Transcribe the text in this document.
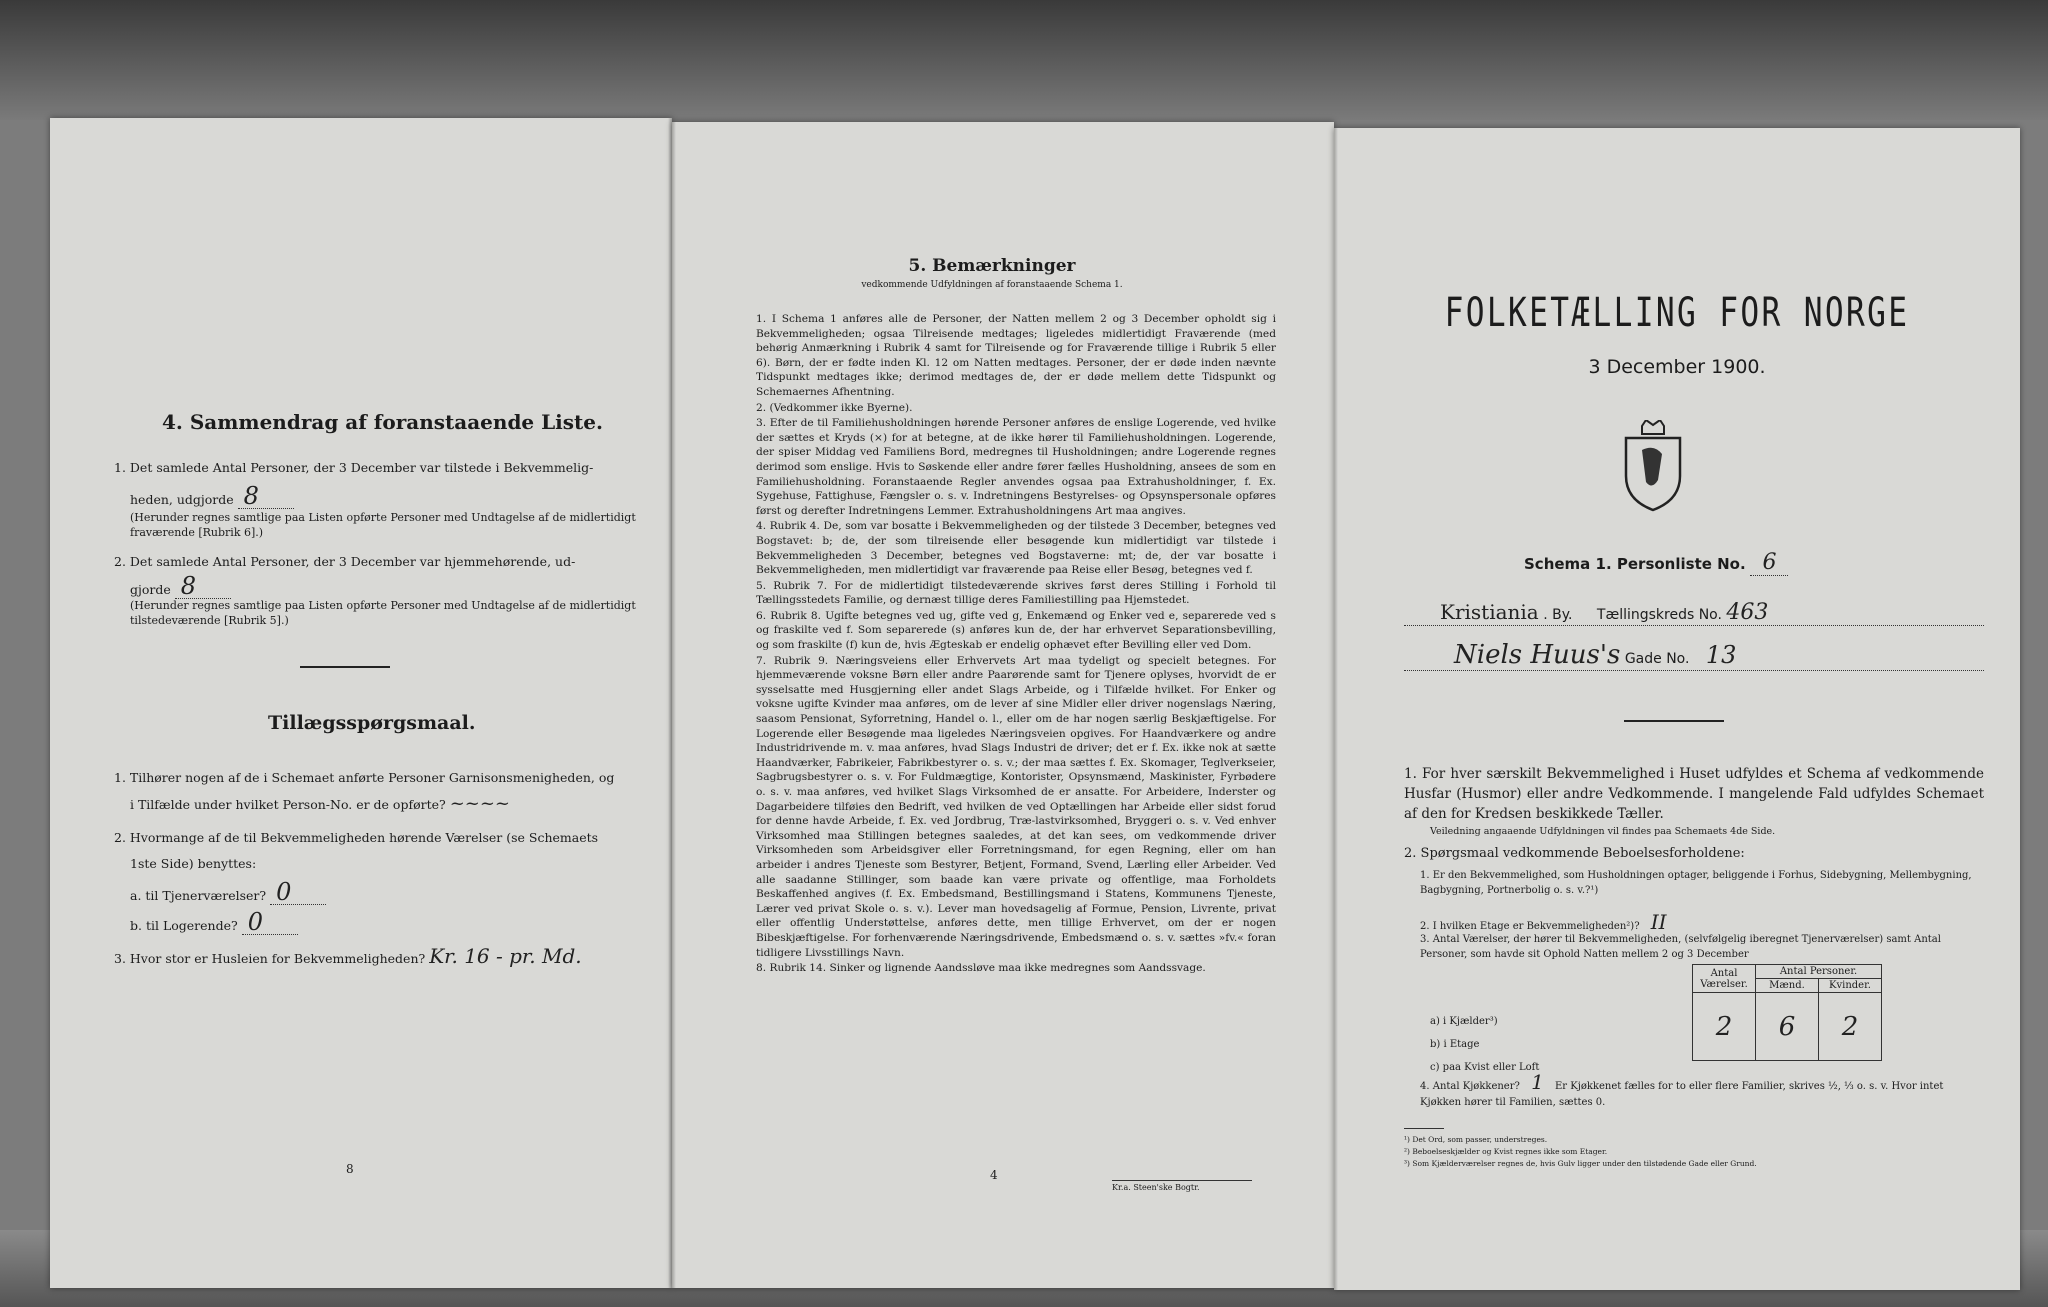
4. Sammendrag af foranstaaende Liste.
1. Det samlede Antal Personer, der 3 December var tilstede i Bekvemmelig-
heden, udgjorde 8
(Herunder regnes samtlige paa Listen opførte Personer med Undtagelse af de midlertidigt fraværende [Rubrik 6].)
2. Det samlede Antal Personer, der 3 December var hjemmehørende, ud-
gjorde 8
(Herunder regnes samtlige paa Listen opførte Personer med Undtagelse af de midlertidigt tilstedeværende [Rubrik 5].)
Tillægsspørgsmaal.
1. Tilhører nogen af de i Schemaet anførte Personer Garnisonsmenigheden, og
i Tilfælde under hvilket Person-No. er de opførte? ~~~~
2. Hvormange af de til Bekvemmeligheden hørende Værelser (se Schemaets
1ste Side) benyttes:
a. til Tjenerværelser? 0
b. til Logerende? 0
3. Hvor stor er Husleien for Bekvemmeligheden? Kr. 16 - pr. Md.
8
5. Bemærkninger
vedkommende Udfyldningen af foranstaaende Schema 1.

1. I Schema 1 anføres alle de Personer, der Natten mellem 2 og 3 December opholdt sig i Bekvemmeligheden; ogsaa Tilreisende medtages; ligeledes midlertidigt Fraværende (med behørig Anmærkning i Rubrik 4 samt for Tilreisende og for Fraværende tillige i Rubrik 5 eller 6). Børn, der er fødte inden Kl. 12 om Natten medtages. Personer, der er døde inden nævnte Tidspunkt medtages ikke; derimod medtages de, der er døde mellem dette Tidspunkt og Schemaernes Afhentning.

2. (Vedkommer ikke Byerne).

3. Efter de til Familiehusholdningen hørende Personer anføres de enslige Logerende, ved hvilke der sættes et Kryds (×) for at betegne, at de ikke hører til Familiehusholdningen. Logerende, der spiser Middag ved Familiens Bord, medregnes til Husholdningen; andre Logerende regnes derimod som enslige. Hvis to Søskende eller andre fører fælles Husholdning, ansees de som en Familiehusholdning. Foranstaaende Regler anvendes ogsaa paa Extrahusholdninger, f. Ex. Sygehuse, Fattighuse, Fængsler o. s. v. Indretningens Bestyrelses- og Opsynspersonale opføres først og derefter Indretningens Lemmer. Extrahusholdningens Art maa angives.

4. Rubrik 4. De, som var bosatte i Bekvemmeligheden og der tilstede 3 December, betegnes ved Bogstavet: b; de, der som tilreisende eller besøgende kun midlertidigt var tilstede i Bekvemmeligheden 3 December, betegnes ved Bogstaverne: mt; de, der var bosatte i Bekvemmeligheden, men midlertidigt var fraværende paa Reise eller Besøg, betegnes ved f.

5. Rubrik 7. For de midlertidigt tilstedeværende skrives først deres Stilling i Forhold til Tællingsstedets Familie, og dernæst tillige deres Familiestilling paa Hjemstedet.

6. Rubrik 8. Ugifte betegnes ved ug, gifte ved g, Enkemænd og Enker ved e, separerede ved s og fraskilte ved f. Som separerede (s) anføres kun de, der har erhvervet Separationsbevilling, og som fraskilte (f) kun de, hvis Ægteskab er endelig ophævet efter Bevilling eller ved Dom.

7. Rubrik 9. Næringsveiens eller Erhvervets Art maa tydeligt og specielt betegnes. For hjemmeværende voksne Børn eller andre Paarørende samt for Tjenere oplyses, hvorvidt de er sysselsatte med Husgjerning eller andet Slags Arbeide, og i Tilfælde hvilket. For Enker og voksne ugifte Kvinder maa anføres, om de lever af sine Midler eller driver nogenslags Næring, saasom Pensionat, Syforretning, Handel o. l., eller om de har nogen særlig Beskjæftigelse. For Logerende eller Besøgende maa ligeledes Næringsveien opgives. For Haandværkere og andre Industridrivende m. v. maa anføres, hvad Slags Industri de driver; det er f. Ex. ikke nok at sætte Haandværker, Fabrikeier, Fabrikbestyrer o. s. v.; der maa sættes f. Ex. Skomager, Teglverkseier, Sagbrugsbestyrer o. s. v. For Fuldmægtige, Kontorister, Opsynsmænd, Maskinister, Fyrbødere o. s. v. maa anføres, ved hvilket Slags Virksomhed de er ansatte. For Arbeidere, Inderster og Dagarbeidere tilføies den Bedrift, ved hvilken de ved Optællingen har Arbeide eller sidst forud for denne havde Arbeide, f. Ex. ved Jordbrug, Træ-lastvirksomhed, Bryggeri o. s. v. Ved enhver Virksomhed maa Stillingen betegnes saaledes, at det kan sees, om vedkommende driver Virksomheden som Arbeidsgiver eller Forretningsmand, for egen Regning, eller om han arbeider i andres Tjeneste som Bestyrer, Betjent, Formand, Svend, Lærling eller Arbeider. Ved alle saadanne Stillinger, som baade kan være private og offentlige, maa Forholdets Beskaffenhed angives (f. Ex. Embedsmand, Bestillingsmand i Statens, Kommunens Tjeneste, Lærer ved privat Skole o. s. v.). Lever man hovedsagelig af Formue, Pension, Livrente, privat eller offentlig Understøttelse, anføres dette, men tillige Erhvervet, om der er nogen Bibeskjæftigelse. For forhenværende Næringsdrivende, Embedsmænd o. s. v. sættes »fv.« foran tidligere Livsstillings Navn.

8. Rubrik 14. Sinker og lignende Aandssløve maa ikke medregnes som Aandssvage.

4
Kr.a. Steen'ske Bogtr.
FOLKETÆLLING FOR NORGE
3 December 1900.
Schema 1. Personliste No. 6
Kristiania . By. Tællingskreds No. 463
Niels Huus's Gade No. 13
1. For hver særskilt Bekvemmelighed i Huset udfyldes et Schema af vedkommende Husfar (Husmor) eller andre Vedkommende. I mangelende Fald udfyldes Schemaet af den for Kredsen beskikkede Tæller.
Veiledning angaaende Udfyldningen vil findes paa Schemaets 4de Side.
2. Spørgsmaal vedkommende Beboelsesforholdene:
1. Er den Bekvemmelighed, som Husholdningen optager, beliggende i Forhus, Sidebygning, Mellembygning, Bagbygning, Portnerbolig o. s. v.?¹)
2. I hvilken Etage er Bekvemmeligheden²)? II
3. Antal Værelser, der hører til Bekvemmeligheden, (selvfølgelig iberegnet Tjenerværelser) samt Antal Personer, som havde sit Ophold Natten mellem 2 og 3 December
a) i Kjælder³)
b) i Etage
c) paa Kvist eller Loft
Antal Værelser.	Antal Personer.	
	Mænd.	Kvinder.
2	6	2
4. Antal Kjøkkener? 1 Er Kjøkkenet fælles for to eller flere Familier, skrives ½, ⅓ o. s. v. Hvor intet Kjøkken hører til Familien, sættes 0.
¹) Det Ord, som passer, understreges.
²) Beboelseskjælder og Kvist regnes ikke som Etager.
³) Som Kjælderværelser regnes de, hvis Gulv ligger under den tilstødende Gade eller Grund.
